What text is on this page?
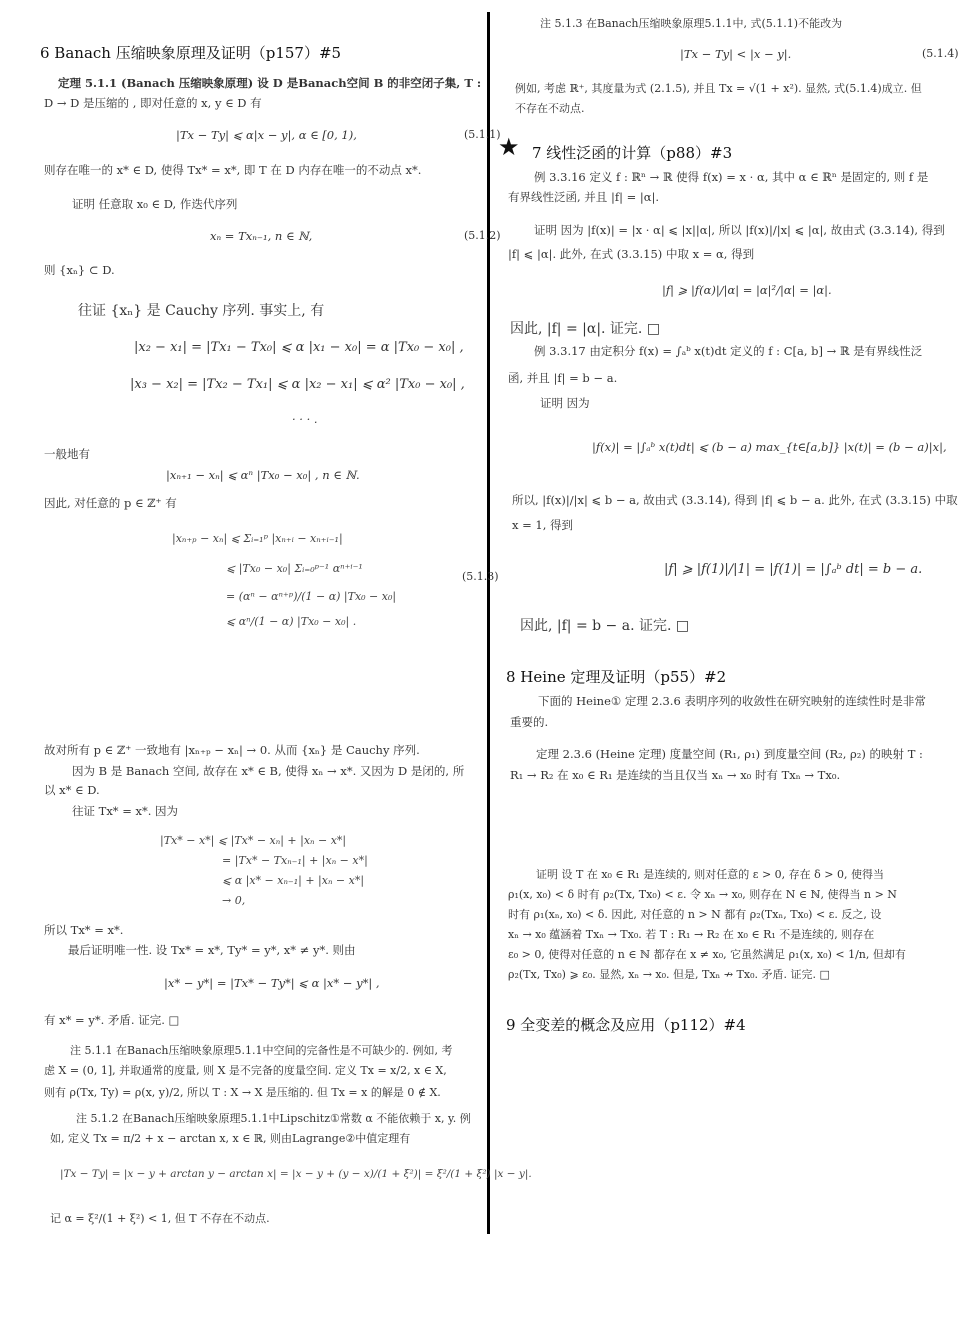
6 Banach 压缩映象原理及证明（p157）#5
定理 5.1.1 (Banach 压缩映象原理) 设 D 是Banach空间 B 的非空闭子集, T :
D → D 是压缩的 , 即对任意的 x, y ∈ D 有
|Tx − Ty| ⩽ α|x − y|, α ∈ [0, 1),	(5.1.1)
则存在唯一的 x* ∈ D, 使得 Tx* = x*, 即 T 在 D 内存在唯一的不动点 x*.
证明 任意取 x₀ ∈ D, 作迭代序列
xₙ = Txₙ₋₁, n ∈ ℕ,	(5.1.2)
则 {xₙ} ⊂ D.
往证 {xₙ} 是 Cauchy 序列. 事实上, 有
|x₂ − x₁| = |Tx₁ − Tx₀| ⩽ α |x₁ − x₀| = α |Tx₀ − x₀| ,
|x₃ − x₂| = |Tx₂ − Tx₁| ⩽ α |x₂ − x₁| ⩽ α² |Tx₀ − x₀| ,
· · · .
一般地有
|xₙ₊₁ − xₙ| ⩽ αⁿ |Tx₀ − x₀| , n ∈ ℕ.
因此, 对任意的 p ∈ ℤ⁺ 有
|xₙ₊ₚ − xₙ| ⩽ Σᵢ₌₁ᵖ |xₙ₊ᵢ − xₙ₊ᵢ₋₁|
⩽ |Tx₀ − x₀| Σᵢ₌₀ᵖ⁻¹ αⁿ⁺ⁱ⁻¹
= (αⁿ − αⁿ⁺ᵖ)/(1 − α) |Tx₀ − x₀|
⩽ αⁿ/(1 − α) |Tx₀ − x₀| .
(5.1.3)
故对所有 p ∈ ℤ⁺ 一致地有 |xₙ₊ₚ − xₙ| → 0. 从而 {xₙ} 是 Cauchy 序列.
因为 B 是 Banach 空间, 故存在 x* ∈ B, 使得 xₙ → x*. 又因为 D 是闭的, 所
以 x* ∈ D.
往证 Tx* = x*. 因为
|Tx* − x*| ⩽ |Tx* − xₙ| + |xₙ − x*|
= |Tx* − Txₙ₋₁| + |xₙ − x*|
⩽ α |x* − xₙ₋₁| + |xₙ − x*|
→ 0,
所以 Tx* = x*.
最后证明唯一性. 设 Tx* = x*, Ty* = y*, x* ≠ y*. 则由
|x* − y*| = |Tx* − Ty*| ⩽ α |x* − y*| ,
有 x* = y*. 矛盾. 证完. □
注 5.1.1 在Banach压缩映象原理5.1.1中空间的完备性是不可缺少的. 例如, 考
虑 X = (0, 1], 并取通常的度量, 则 X 是不完备的度量空间. 定义 Tx = x/2, x ∈ X,
则有 ρ(Tx, Ty) = ρ(x, y)/2, 所以 T : X → X 是压缩的. 但 Tx = x 的解是 0 ∉ X.
注 5.1.2 在Banach压缩映象原理5.1.1中Lipschitz①常数 α 不能依赖于 x, y. 例
如, 定义 Tx = π/2 + x − arctan x, x ∈ ℝ, 则由Lagrange②中值定理有
|Tx − Ty| = |x − y + arctan y − arctan x| = |x − y + (y − x)/(1 + ξ²)| = ξ²/(1 + ξ²) |x − y|.
记 α = ξ²/(1 + ξ²) < 1, 但 T 不存在不动点.
注 5.1.3 在Banach压缩映象原理5.1.1中, 式(5.1.1)不能改为
|Tx − Ty| < |x − y|.	(5.1.4)
例如, 考虑 ℝ⁺, 其度量为式 (2.1.5), 并且 Tx = √(1 + x²). 显然, 式(5.1.4)成立. 但
不存在不动点.
★ 7 线性泛函的计算（p88）#3
例 3.3.16 定义 f : ℝⁿ → ℝ 使得 f(x) = x · α, 其中 α ∈ ℝⁿ 是固定的, 则 f 是
有界线性泛函, 并且 |f| = |α|.
证明 因为 |f(x)| = |x · α| ⩽ |x||α|, 所以 |f(x)|/|x| ⩽ |α|, 故由式 (3.3.14), 得到
|f| ⩽ |α|. 此外, 在式 (3.3.15) 中取 x = α, 得到
|f| ⩾ |f(α)|/|α| = |α|²/|α| = |α|.
因此, |f| = |α|. 证完. □
例 3.3.17 由定积分 f(x) = ∫ₐᵇ x(t)dt 定义的 f : C[a, b] → ℝ 是有界线性泛
函, 并且 |f| = b − a.
证明 因为
|f(x)| = |∫ₐᵇ x(t)dt| ⩽ (b − a) max_{t∈[a,b]} |x(t)| = (b − a)|x|,
所以, |f(x)|/|x| ⩽ b − a, 故由式 (3.3.14), 得到 |f| ⩽ b − a. 此外, 在式 (3.3.15) 中取
x = 1, 得到
|f| ⩾ |f(1)|/|1| = |f(1)| = |∫ₐᵇ dt| = b − a.
因此, |f| = b − a. 证完. □
8 Heine 定理及证明（p55）#2
下面的 Heine① 定理 2.3.6 表明序列的收敛性在研究映射的连续性时是非常
重要的.
定理 2.3.6 (Heine 定理) 度量空间 (R₁, ρ₁) 到度量空间 (R₂, ρ₂) 的映射 T :
R₁ → R₂ 在 x₀ ∈ R₁ 是连续的当且仅当 xₙ → x₀ 时有 Txₙ → Tx₀.
证明 设 T 在 x₀ ∈ R₁ 是连续的, 则对任意的 ε > 0, 存在 δ > 0, 使得当
ρ₁(x, x₀) < δ 时有 ρ₂(Tx, Tx₀) < ε. 令 xₙ → x₀, 则存在 N ∈ ℕ, 使得当 n > N
时有 ρ₁(xₙ, x₀) < δ. 因此, 对任意的 n > N 都有 ρ₂(Txₙ, Tx₀) < ε. 反之, 设
xₙ → x₀ 蕴涵着 Txₙ → Tx₀. 若 T : R₁ → R₂ 在 x₀ ∈ R₁ 不是连续的, 则存在
ε₀ > 0, 使得对任意的 n ∈ ℕ 都存在 x ≠ x₀, 它虽然满足 ρ₁(x, x₀) < 1/n, 但却有
ρ₂(Tx, Tx₀) ⩾ ε₀. 显然, xₙ → x₀. 但是, Txₙ ↛ Tx₀. 矛盾. 证完. □
9 全变差的概念及应用（p112）#4
